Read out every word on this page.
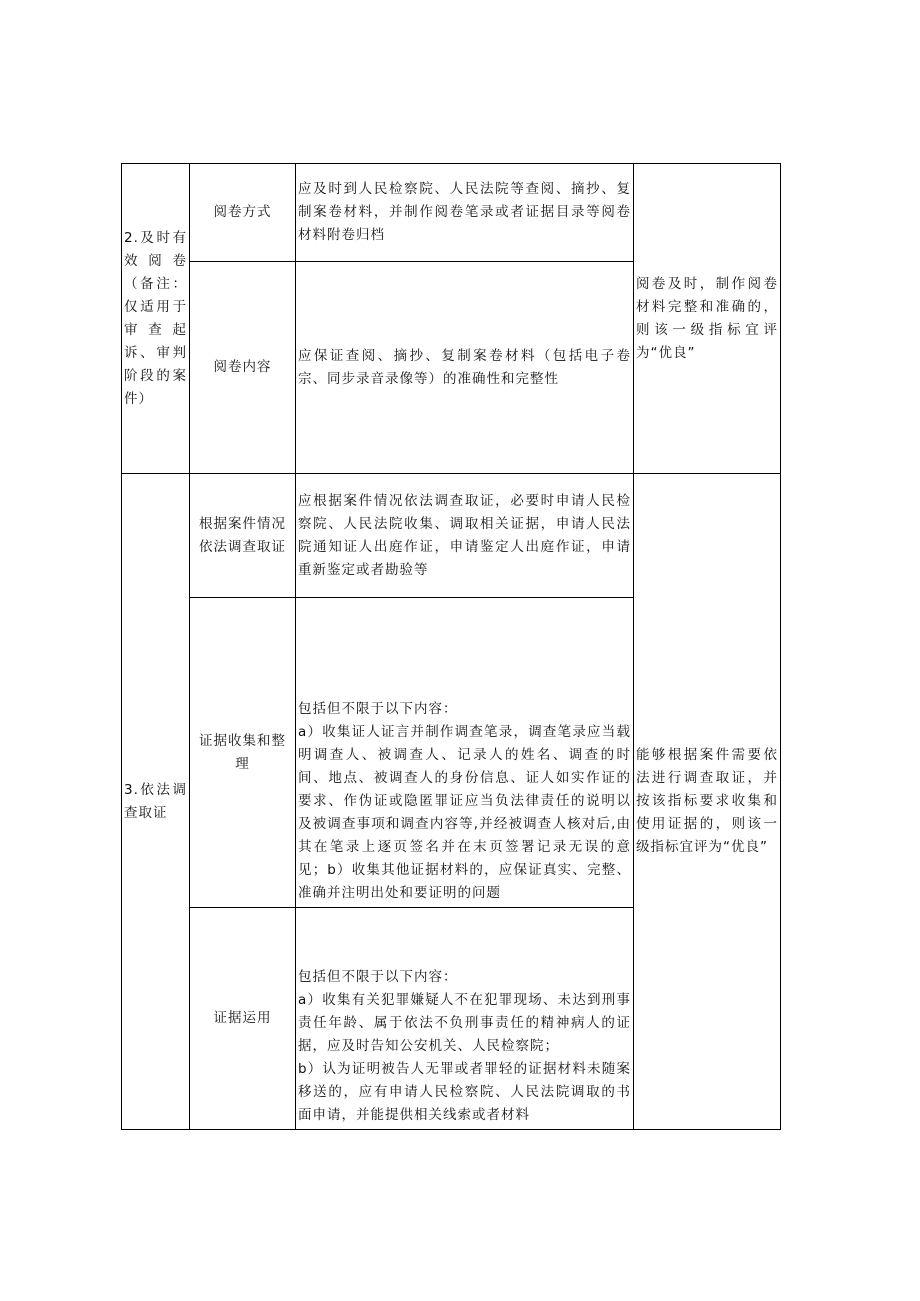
2.及时有效阅卷（备注：仅适用于审查起诉、审判阶段的案件）	阅卷方式	应及时到人民检察院、人民法院等查阅、摘抄、复制案卷材料，并制作阅卷笔录或者证据目录等阅卷材料附卷归档	阅卷及时，制作阅卷材料完整和准确的，则该一级指标宜评为“优良”
	阅卷内容	应保证查阅、摘抄、复制案卷材料（包括电子卷宗、同步录音录像等）的准确性和完整性	
3.依法调查取证	根据案件情况依法调查取证	应根据案件情况依法调查取证，必要时申请人民检察院、人民法院收集、调取相关证据，申请人民法院通知证人出庭作证，申请鉴定人出庭作证，申请重新鉴定或者勘验等	能够根据案件需要依法进行调查取证，并按该指标要求收集和使用证据的，则该一级指标宜评为“优良”
	证据收集和整理	包括但不限于以下内容：
a）收集证人证言并制作调查笔录，调查笔录应当载明调查人、被调查人、记录人的姓名、调查的时间、地点、被调查人的身份信息、证人如实作证的要求、作伪证或隐匿罪证应当负法律责任的说明以及被调查事项和调查内容等,并经被调查人核对后,由其在笔录上逐页签名并在末页签署记录无误的意见；b）收集其他证据材料的，应保证真实、完整、准确并注明出处和要证明的问题	

	证据运用	包括但不限于以下内容：
a）收集有关犯罪嫌疑人不在犯罪现场、未达到刑事责任年龄、属于依法不负刑事责任的精神病人的证据，应及时告知公安机关、人民检察院；
b）认为证明被告人无罪或者罪轻的证据材料未随案移送的，应有申请人民检察院、人民法院调取的书面申请，并能提供相关线索或者材料	
